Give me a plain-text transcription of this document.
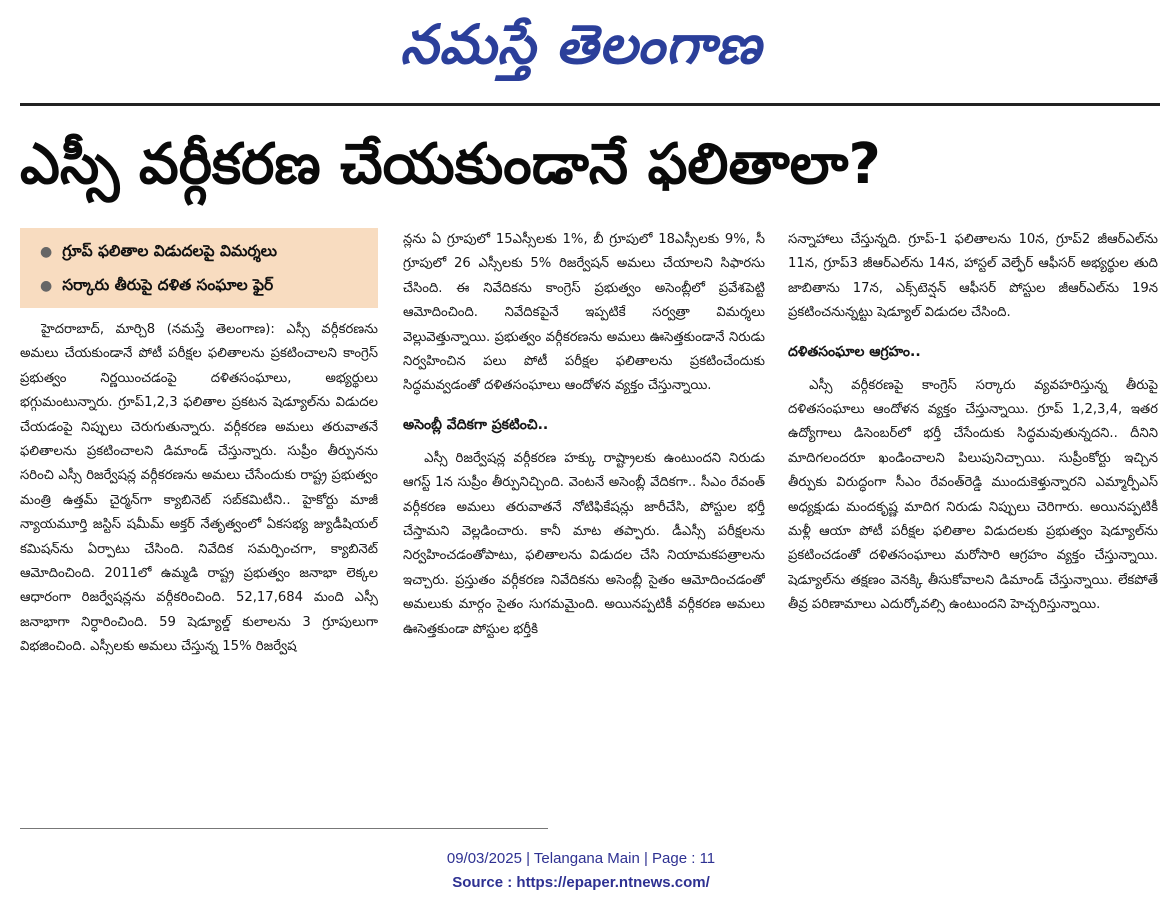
నమస్తే తెలంగాణ
ఎస్సీ వర్గీకరణ చేయకుండానే ఫలితాలా?
● గ్రూప్ ఫలితాల విడుదలపై విమర్శలు
● సర్కారు తీరుపై దళిత సంఘాల ఫైర్

హైదరాబాద్, మార్చి8 (నమస్తే తెలంగాణ): ఎస్సీ వర్గీకరణను అమలు చేయకుండానే పోటీ పరీక్షల ఫలితాలను ప్రకటించాలని కాంగ్రెస్ ప్రభుత్వం నిర్ణయించడంపై దళితసంఘాలు, అభ్యర్థులు భగ్గుమంటున్నారు. గ్రూప్1,2,3 ఫలితాల ప్రకటన షెడ్యూల్‌ను విడుదల చేయడంపై నిప్పులు చెరుగుతున్నారు. వర్గీకరణ అమలు తరువాతనే ఫలితాలను ప్రకటించాలని డిమాండ్ చేస్తున్నారు. సుప్రీం తీర్పునను సరించి ఎస్సీ రిజర్వేషన్ల వర్గీకరణను అమలు చేసేందుకు రాష్ట్ర ప్రభుత్వం మంత్రి ఉత్తమ్ చైర్మన్‌గా క్యాబినెట్ సబ్‌కమిటీని.. హైకోర్టు మాజీ న్యాయమూర్తి జస్టిస్ షమీమ్ అక్తర్ నేతృత్వంలో ఏకసభ్య జ్యుడీషియల్ కమిషన్‌ను ఏర్పాటు చేసింది. నివేదిక సమర్పించగా, క్యాబినెట్ ఆమోదించింది. 2011లో ఉమ్మడి రాష్ట్ర ప్రభుత్వం జనాభా లెక్కల ఆధారంగా రిజర్వేషన్లను వర్గీకరించింది. 52,17,684 మంది ఎస్సీ జనాభాగా నిర్ధారించింది. 59 షెడ్యూల్డ్ కులాలను 3 గ్రూపులుగా విభజించింది. ఎస్సీలకు అమలు చేస్తున్న 15% రిజర్వేష

న్లను ఏ గ్రూపులో 15ఎస్సీలకు 1%, బీ గ్రూపులో 18ఎస్సీలకు 9%, సీ గ్రూపులో 26 ఎస్సీలకు 5% రిజర్వేషన్ అమలు చేయాలని సిఫారసు చేసింది. ఈ నివేదికను కాంగ్రెస్ ప్రభుత్వం అసెంబ్లీలో ప్రవేశపెట్టి ఆమోదించింది. నివేదికపైనే ఇప్పటికే సర్వత్రా విమర్శలు వెల్లువెత్తున్నాయి. ప్రభుత్వం వర్గీకరణను అమలు ఊసెత్తకుండానే నిరుడు నిర్వహించిన పలు పోటీ పరీక్షల ఫలితాలను ప్రకటించేందుకు సిద్ధమవ్వడంతో దళితసంఘాలు ఆందోళన వ్యక్తం చేస్తున్నాయి.

అసెంబ్లీ వేదికగా ప్రకటించి..

ఎస్సీ రిజర్వేషన్ల వర్గీకరణ హక్కు రాష్ట్రాలకు ఉంటుందని నిరుడు ఆగస్ట్ 1న సుప్రీం తీర్పునిచ్చింది. వెంటనే అసెంబ్లీ వేదికగా.. సీఎం రేవంత్ వర్గీకరణ అమలు తరువాతనే నోటిఫికేషన్లు జారీచేసి, పోస్టుల భర్తీ చేస్తామని వెల్లడించారు. కానీ మాట తప్పారు. డీఎస్సీ పరీక్షలను నిర్వహించడంతోపాటు, ఫలితాలను విడుదల చేసి నియామకపత్రాలను ఇచ్చారు. ప్రస్తుతం వర్గీకరణ నివేదికను అసెంబ్లీ సైతం ఆమోదించడంతో అమలుకు మార్గం సైతం సుగమమైంది. అయినప్పటికీ వర్గీకరణ అమలు ఊసెత్తకుండా పోస్టుల భర్తీకి

సన్నాహాలు చేస్తున్నది. గ్రూప్-1 ఫలితాలను 10న, గ్రూప్2 జీఆర్‌ఎల్‌ను 11న, గ్రూప్3 జీఆర్‌ఎల్‌ను 14న, హాస్టల్ వెల్ఫేర్ ఆఫీసర్ అభ్యర్థుల తుది జాబితాను 17న, ఎక్స్‌టెన్షన్ ఆఫీసర్ పోస్టుల జీఆర్‌ఎల్‌ను 19న ప్రకటించనున్నట్టు షెడ్యూల్ విడుదల చేసింది.

దళితసంఘాల ఆగ్రహం..

ఎస్సీ వర్గీకరణపై కాంగ్రెస్ సర్కారు వ్యవహరిస్తున్న తీరుపై దళితసంఘాలు ఆందోళన వ్యక్తం చేస్తున్నాయి. గ్రూప్ 1,2,3,4, ఇతర ఉద్యోగాలు డిసెంబర్‌లో భర్తీ చేసేందుకు సిద్ధమవుతున్నదని.. దీనిని మాదిగలందరూ ఖండించాలని పిలుపునిచ్చాయి. సుప్రీంకోర్టు ఇచ్చిన తీర్పుకు విరుద్ధంగా సీఎం రేవంత్‌రెడ్డి ముందుకెళ్తున్నారని ఎమ్మార్పీఎస్ అధ్యక్షుడు మందకృష్ణ మాదిగ నిరుడు నిప్పులు చెరిగారు. అయినప్పటికీ మళ్లీ ఆయా పోటీ పరీక్షల ఫలితాల విడుదలకు ప్రభుత్వం షెడ్యూల్‌ను ప్రకటించడంతో దళితసంఘాలు మరోసారి ఆగ్రహం వ్యక్తం చేస్తున్నాయి. షెడ్యూల్‌ను తక్షణం వెనక్కి తీసుకోవాలని డిమాండ్ చేస్తున్నాయి. లేకపోతే తీవ్ర పరిణామాలు ఎదుర్కోవల్సి ఉంటుందని హెచ్చరిస్తున్నాయి.

09/03/2025 | Telangana Main | Page : 11
Source : https://epaper.ntnews.com/
